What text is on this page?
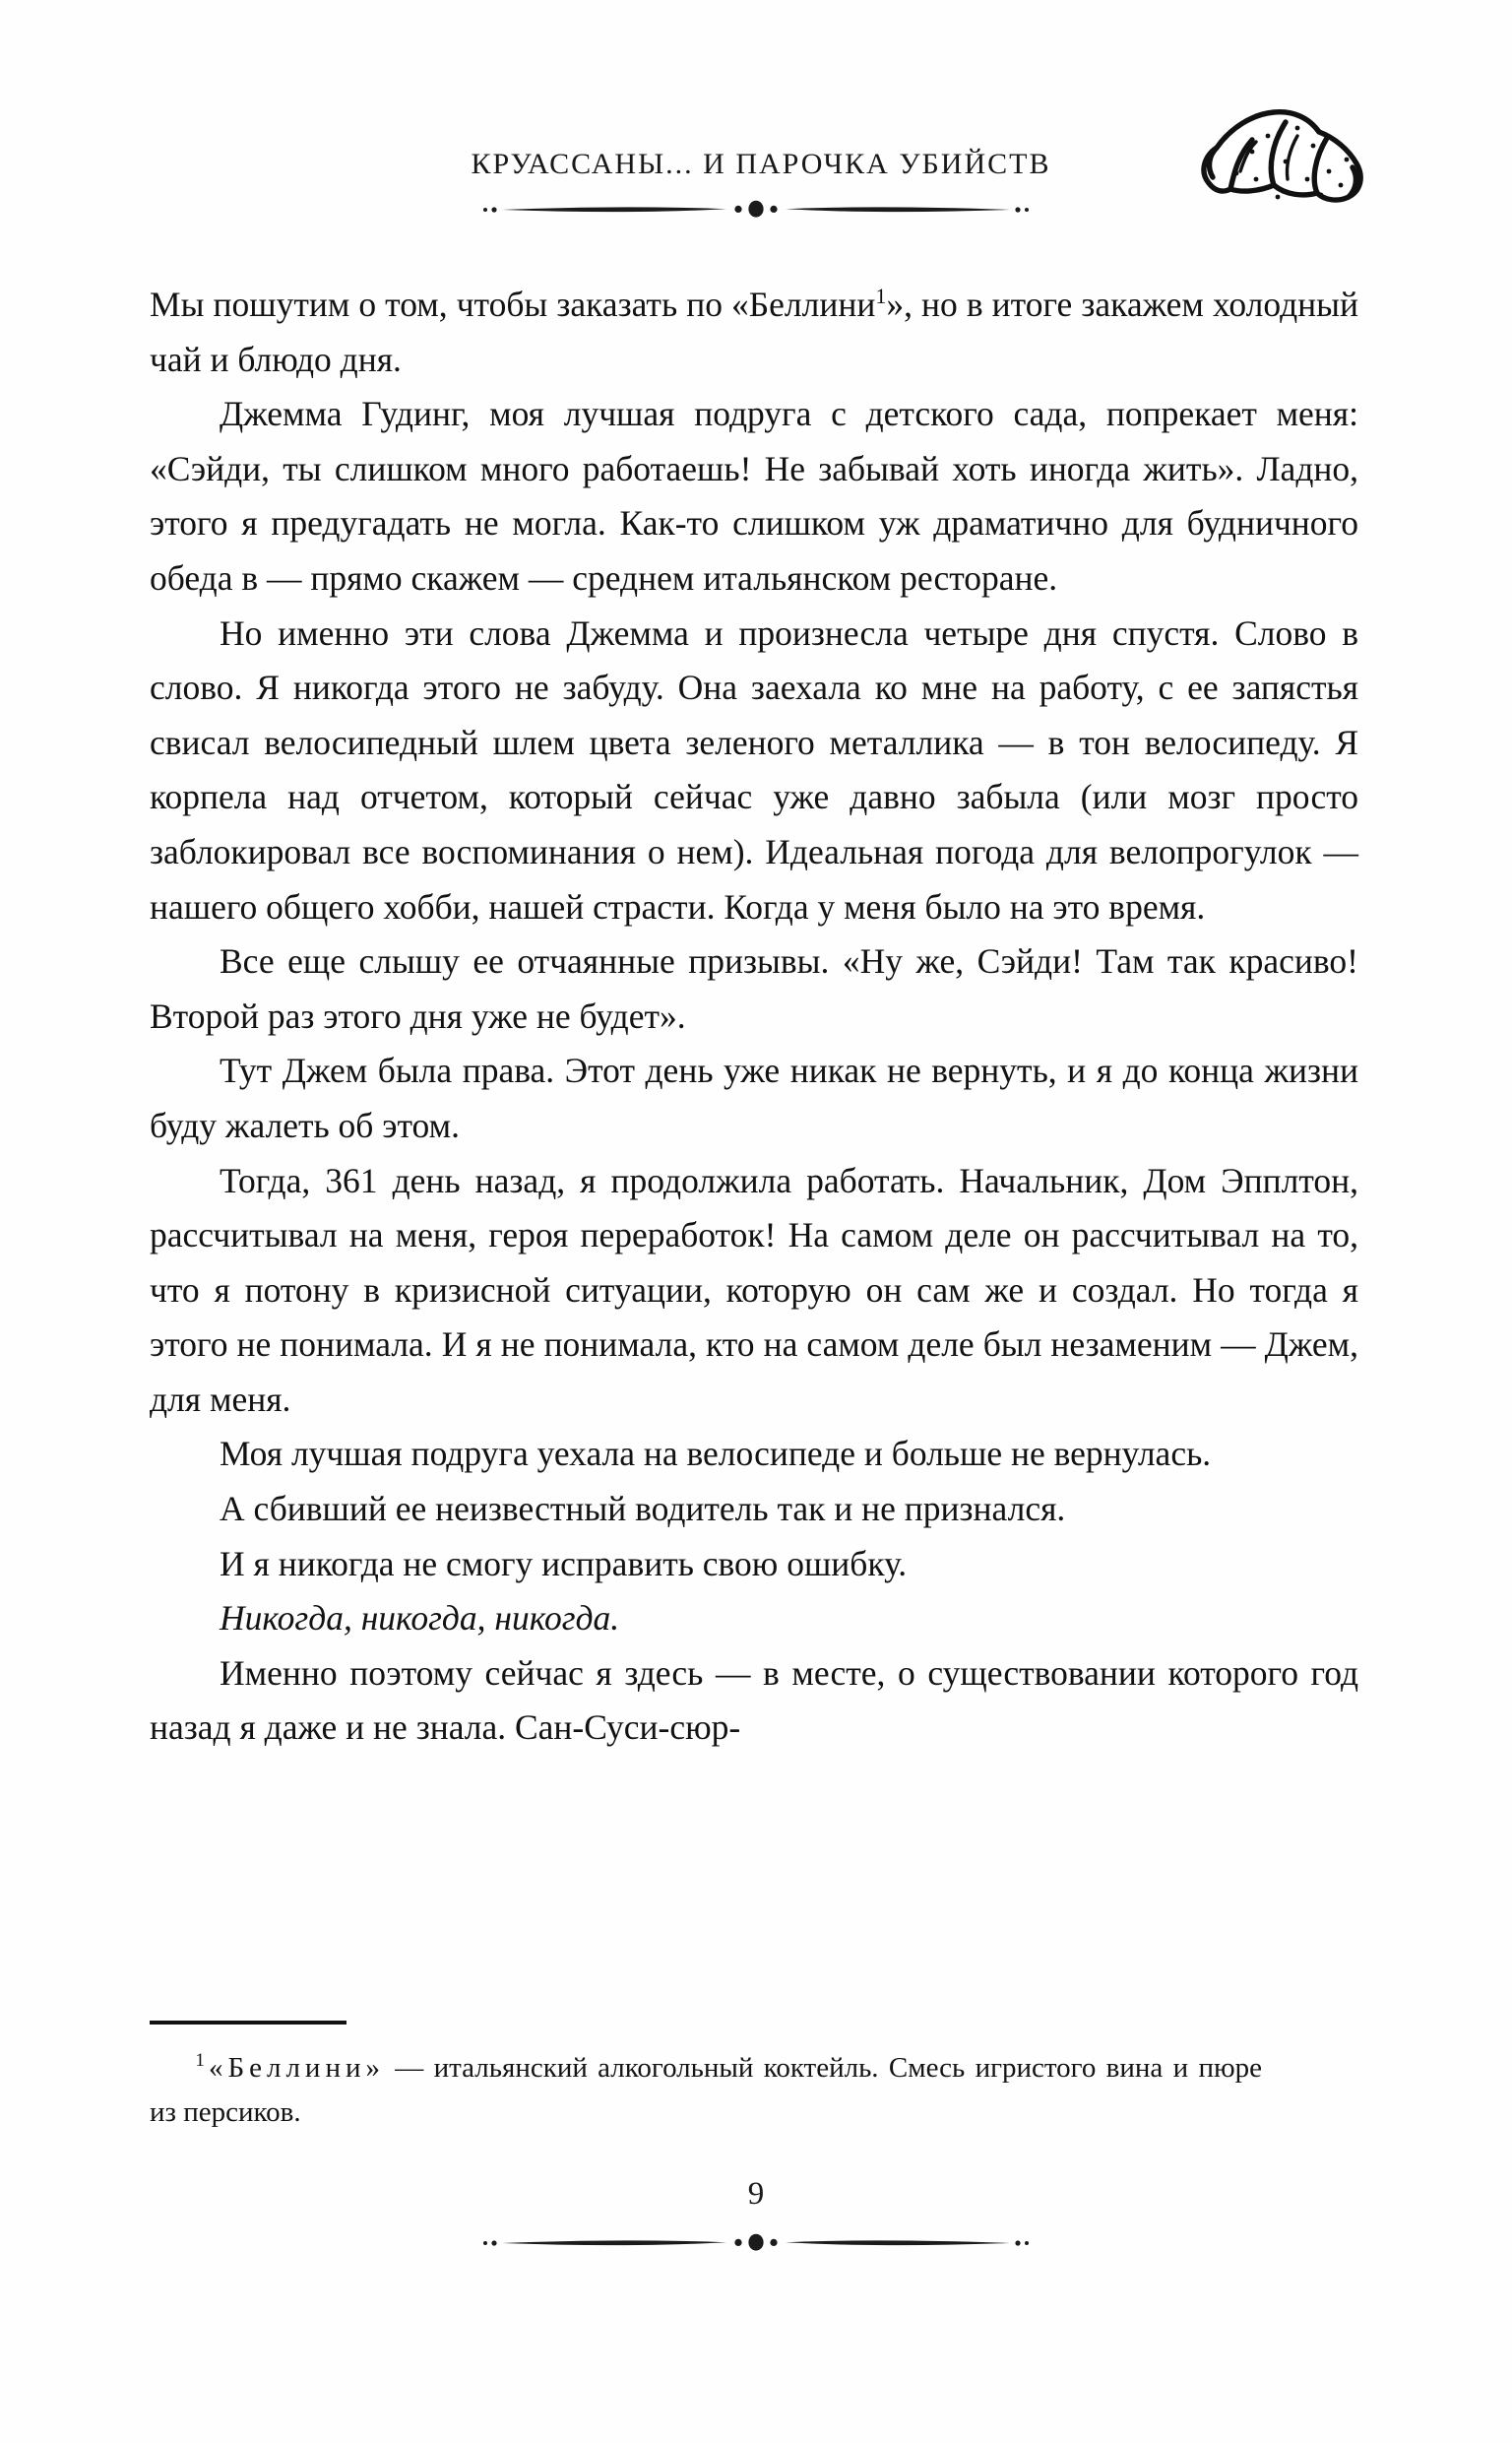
КРУАССАНЫ... И ПАРОЧКА УБИЙСТВ

Мы пошутим о том, чтобы заказать по «Беллини$^1$», но в итоге закажем холодный чай и блюдо дня.

Джемма Гудинг, моя лучшая подруга с детского сада, попрекает меня: «Сэйди, ты слишком много работаешь! Не забывай хоть иногда жить». Ладно, этого я предугадать не могла. Как-то слишком уж драматично для будничного обеда в — прямо скажем — среднем итальянском ресторане.

Но именно эти слова Джемма и произнесла четыре дня спустя. Слово в слово. Я никогда этого не забуду. Она заехала ко мне на работу, с ее запястья свисал велосипедный шлем цвета зеленого металлика — в тон велосипеду. Я корпела над отчетом, который сейчас уже давно забыла (или мозг просто заблокировал все воспоминания о нем). Идеальная погода для велопрогулок — нашего общего хобби, нашей страсти. Когда у меня было на это время.

Все еще слышу ее отчаянные призывы. «Ну же, Сэйди! Там так красиво! Второй раз этого дня уже не будет».

Тут Джем была права. Этот день уже никак не вернуть, и я до конца жизни буду жалеть об этом.

Тогда, 361 день назад, я продолжила работать. Начальник, Дом Эпплтон, рассчитывал на меня, героя переработок! На самом деле он рассчитывал на то, что я потону в кризисной ситуации, которую он сам же и создал. Но тогда я этого не понимала. И я не понимала, кто на самом деле был незаменим — Джем, для меня.

Моя лучшая подруга уехала на велосипеде и больше не вернулась.

А сбивший ее неизвестный водитель так и не признался.

И я никогда не смогу исправить свою ошибку.

Никогда, никогда, никогда.

Именно поэтому сейчас я здесь — в месте, о существовании которого год назад я даже и не знала. Сан-Суси-сюр-

$^1$ «Беллини» — итальянский алкогольный коктейль. Смесь игристого вина и пюре из персиков.

9
